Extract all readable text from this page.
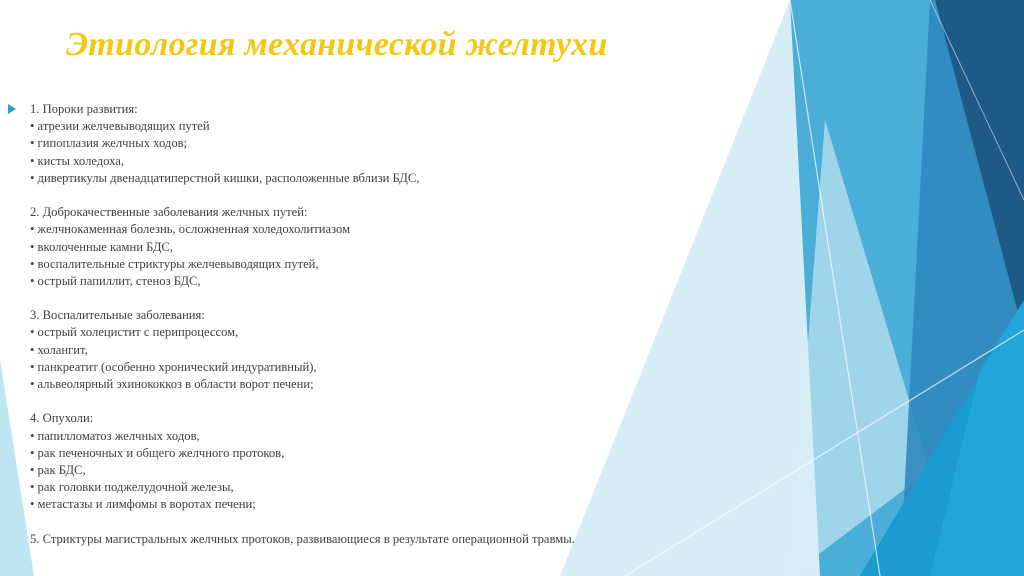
Этиология механической желтухи
1. Пороки развития:
• атрезии желчевыводящих путей
• гипоплазия желчных ходов;
• кисты холедоха,
• дивертикулы двенадцатиперстной кишки, расположенные вблизи БДС,
2. Доброкачественные заболевания желчных путей:
• желчнокаменная болезнь, осложненная холедохолитиазом
• вколоченные камни БДС,
• воспалительные стриктуры желчевыводящих путей,
• острый папиллит, стеноз БДС,
3. Воспалительные заболевания:
• острый холецистит с перипроцессом,
• холангит,
• панкреатит (особенно хронический индуративный),
• альвеолярный эхинококкоз в области ворот печени;
4. Опухоли:
• папилломатоз желчных ходов,
• рак печеночных и общего желчного протоков,
• рак БДС,
• рак головки поджелудочной железы,
• метастазы и лимфомы в воротах печени;
5. Стриктуры магистральных желчных протоков, развивающиеся в результате операционной травмы.
